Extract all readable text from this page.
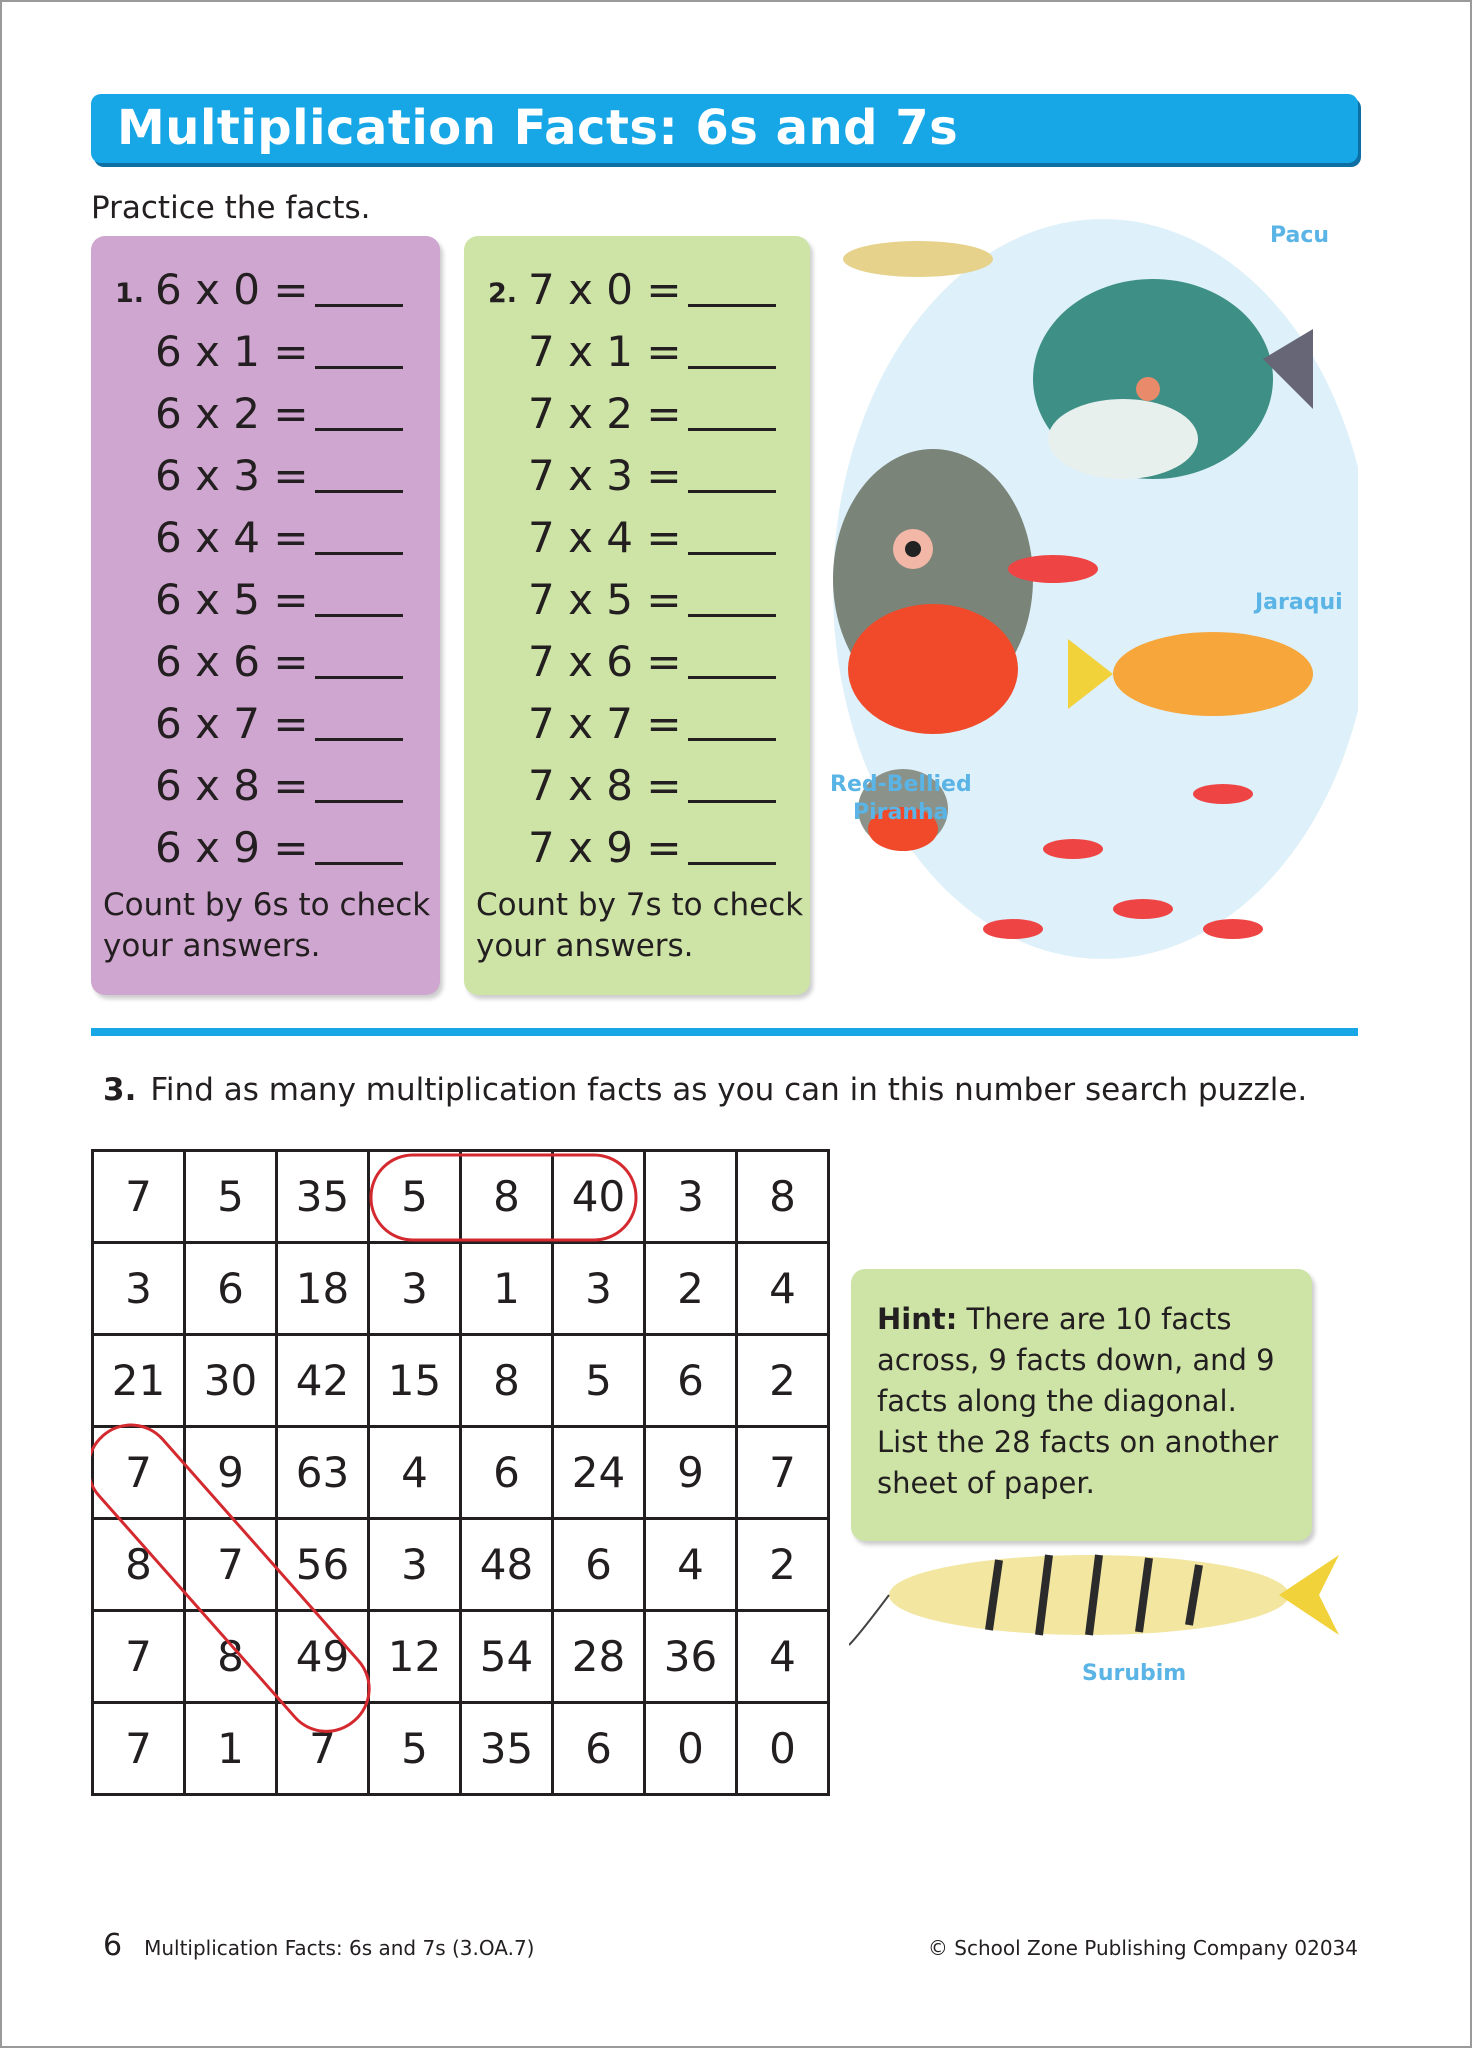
Multiplication Facts: 6s and 7s
Practice the facts.
1. 6 x 0 =
6 x 1 =
6 x 2 =
6 x 3 =
6 x 4 =
6 x 5 =
6 x 6 =
6 x 7 =
6 x 8 =
6 x 9 =
Count by 6s to check your answers.
2. 7 x 0 =
7 x 1 =
7 x 2 =
7 x 3 =
7 x 4 =
7 x 5 =
7 x 6 =
7 x 7 =
7 x 8 =
7 x 9 =
Count by 7s to check your answers.
Pacu
Jaraqui
Red-Bellied
Piranha
3. Find as many multiplication facts as you can in this number search puzzle.
7	5	35	5	8	40	3	8
3	6	18	3	1	3	2	4
21	30	42	15	8	5	6	2
7	9	63	4	6	24	9	7
8	7	56	3	48	6	4	2
7	8	49	12	54	28	36	4
7	1	7	5	35	6	0	0
Hint: There are 10 facts across, 9 facts down, and 9 facts along the diagonal. List the 28 facts on another sheet of paper.
Surubim
6 Multiplication Facts: 6s and 7s (3.OA.7)	© School Zone Publishing Company 02034
